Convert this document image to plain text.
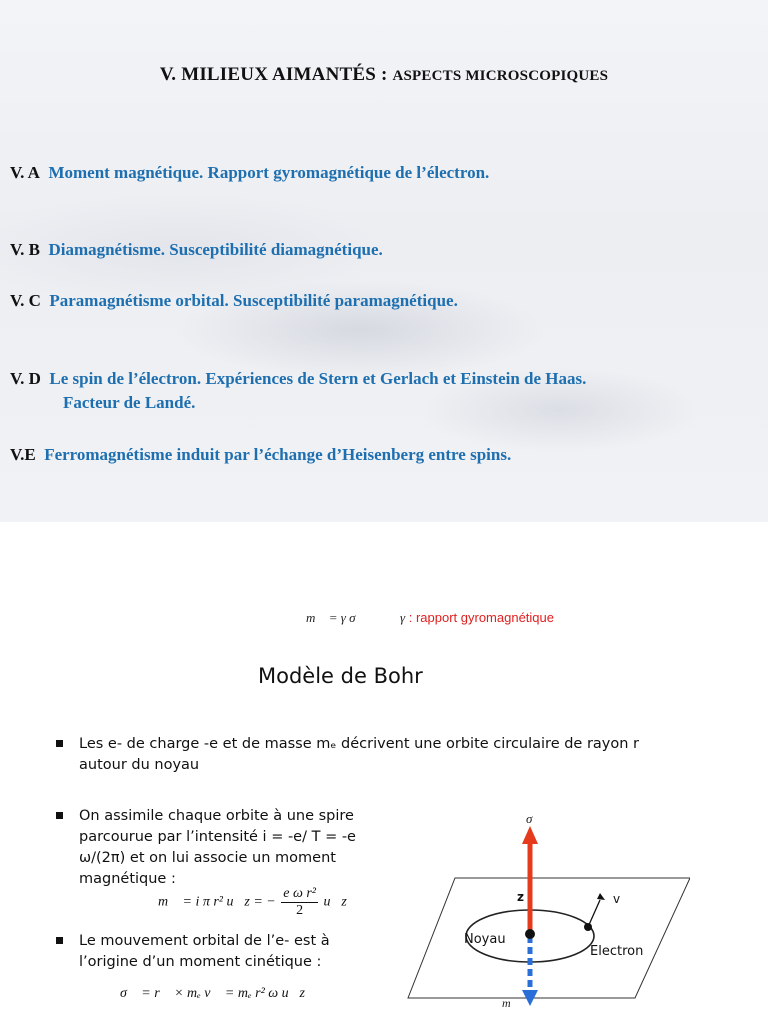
V. MILIEUX AIMANTÉS : ASPECTS MICROSCOPIQUES
V. A Moment magnétique. Rapport gyromagnétique de l’électron.
V. B Diamagnétisme. Susceptibilité diamagnétique.
V. C Paramagnétisme orbital. Susceptibilité paramagnétique.
V. D Le spin de l’électron. Expériences de Stern et Gerlach et Einstein de Haas.
Facteur de Landé.
V.E Ferromagnétisme induit par l’échange d’Heisenberg entre spins.
m⃗ = γ σ⃗	γ : rapport gyromagnétique
Modèle de Bohr
Les e- de charge -e et de masse mₑ décrivent une orbite circulaire de rayon r autour du noyau
On assimile chaque orbite à une spire parcourue par l’intensité i = -e/ T = -e ω/(2π) et on lui associe un moment magnétique :
m⃗ = i π r² u⃗z = − $\frac{\text{e ω r²}}{2}$ u⃗z
Le mouvement orbital de l’e- est à l’origine d’un moment cinétique :
σ⃗ = r⃗ × mₑ v⃗ = mₑ r² ω u⃗z
σ⃗
z	v
Noyau
Electron
m⃗
